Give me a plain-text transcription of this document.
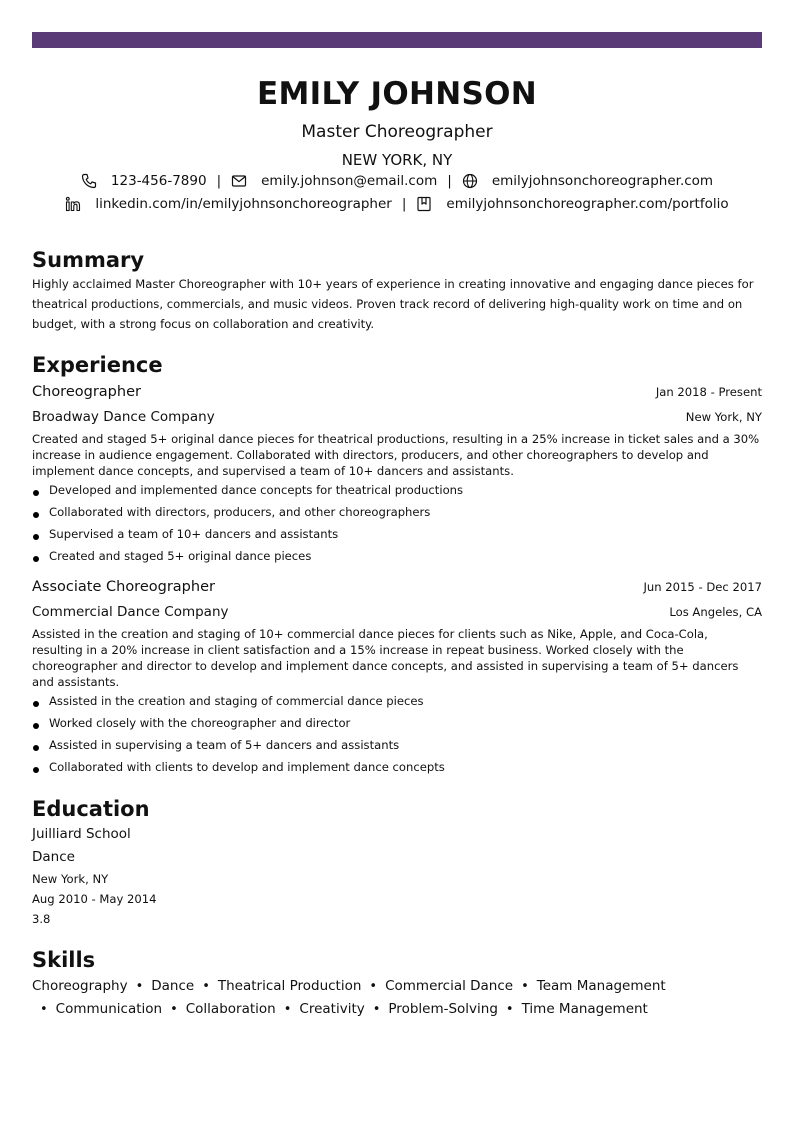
EMILY JOHNSON
Master Choreographer
NEW YORK, NY
123-456-7890 |	emily.johnson@email.com |	emilyjohnsonchoreographer.com
linkedin.com/in/emilyjohnsonchoreographer |	emilyjohnsonchoreographer.com/portfolio
Summary
Highly acclaimed Master Choreographer with 10+ years of experience in creating innovative and engaging dance pieces for theatrical productions, commercials, and music videos. Proven track record of delivering high-quality work on time and on budget, with a strong focus on collaboration and creativity.
Experience
Choreographer	Jan 2018 - Present
Broadway Dance Company	New York, NY
Created and staged 5+ original dance pieces for theatrical productions, resulting in a 25% increase in ticket sales and a 30% increase in audience engagement. Collaborated with directors, producers, and other choreographers to develop and implement dance concepts, and supervised a team of 10+ dancers and assistants.
Developed and implemented dance concepts for theatrical productions
Collaborated with directors, producers, and other choreographers
Supervised a team of 10+ dancers and assistants
Created and staged 5+ original dance pieces
Associate Choreographer	Jun 2015 - Dec 2017
Commercial Dance Company	Los Angeles, CA
Assisted in the creation and staging of 10+ commercial dance pieces for clients such as Nike, Apple, and Coca-Cola, resulting in a 20% increase in client satisfaction and a 15% increase in repeat business. Worked closely with the choreographer and director to develop and implement dance concepts, and assisted in supervising a team of 5+ dancers and assistants.
Assisted in the creation and staging of commercial dance pieces
Worked closely with the choreographer and director
Assisted in supervising a team of 5+ dancers and assistants
Collaborated with clients to develop and implement dance concepts
Education
Juilliard School
Dance
New York, NY
Aug 2010 - May 2014
3.8
Skills
Choreography • Dance • Theatrical Production • Commercial Dance • Team Management
• Communication • Collaboration • Creativity • Problem-Solving • Time Management
